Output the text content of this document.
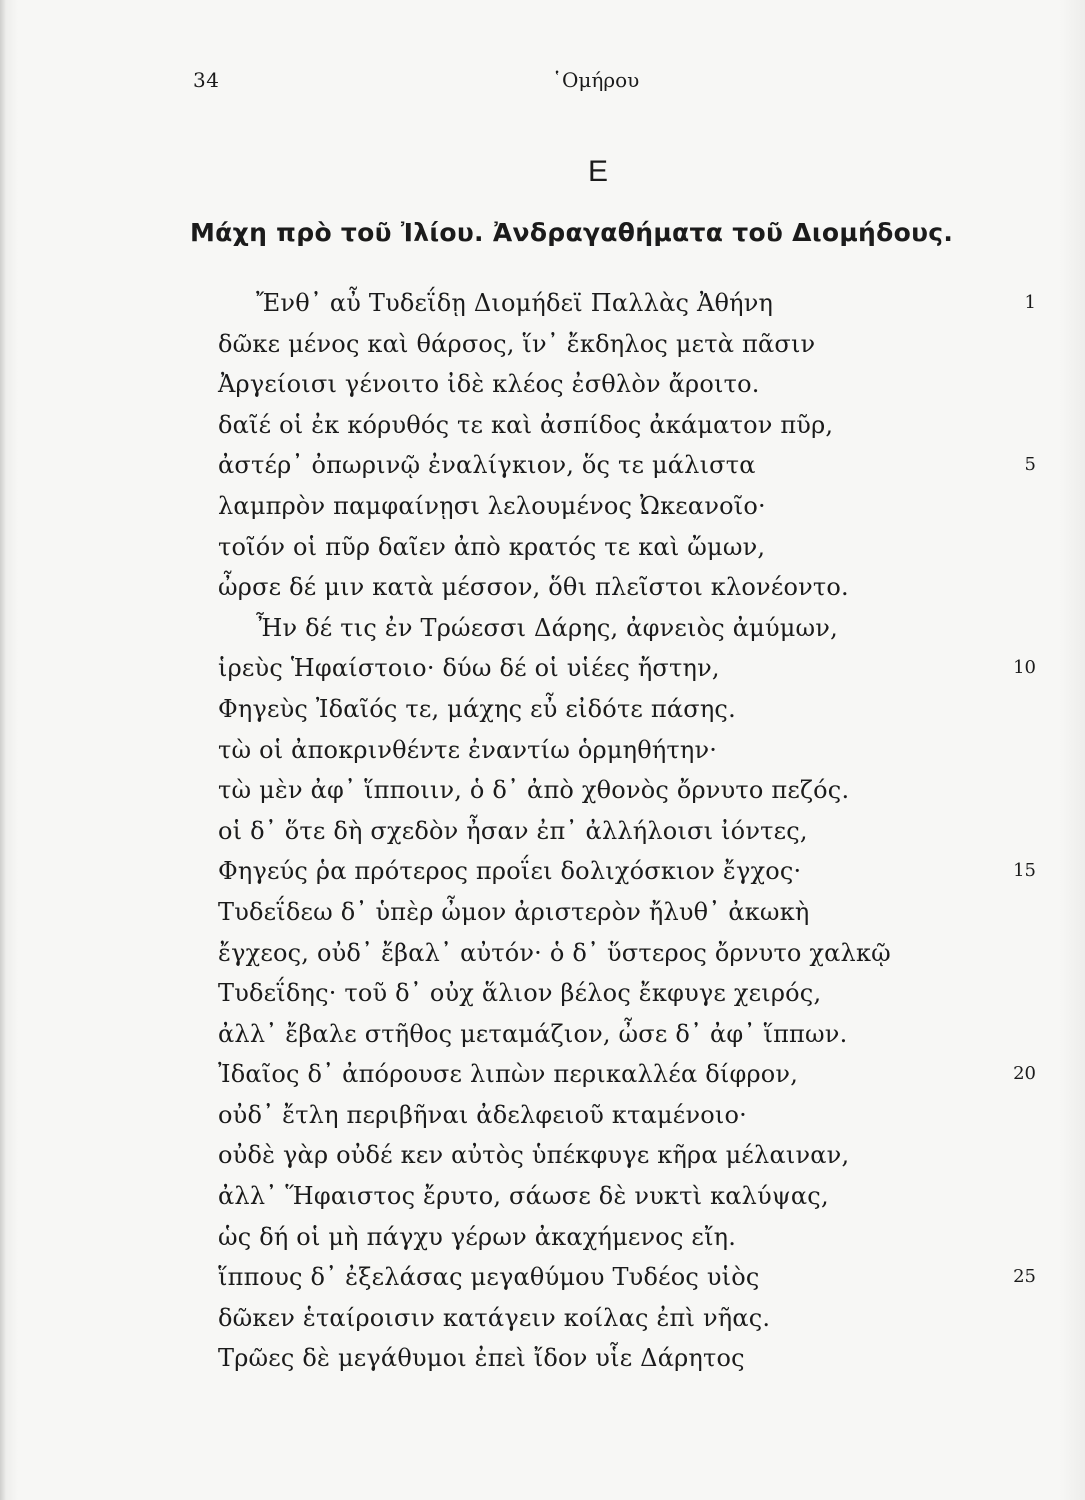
34	῾Ομήρου
Ε
Μάχη πρὸ τοῦ Ἰλίου. Ἀνδραγαθήματα τοῦ Διομήδους.
Ἔνθ᾽ αὖ Τυδεΐδῃ Διομήδεϊ Παλλὰς Ἀθήνη	1
δῶκε μένος καὶ θάρσος, ἵν᾽ ἔκδηλος μετὰ πᾶσιν
Ἀργείοισι γένοιτο ἰδὲ κλέος ἐσθλὸν ἄροιτο.
δαῖέ οἱ ἐκ κόρυθός τε καὶ ἀσπίδος ἀκάματον πῦρ,
ἀστέρ᾽ ὀπωρινῷ ἐναλίγκιον, ὅς τε μάλιστα	5
λαμπρὸν παμφαίνῃσι λελουμένος Ὠκεανοῖο·
τοῖόν οἱ πῦρ δαῖεν ἀπὸ κρατός τε καὶ ὤμων,
ὦρσε δέ μιν κατὰ μέσσον, ὅθι πλεῖστοι κλονέοντο.
Ἦν δέ τις ἐν Τρώεσσι Δάρης, ἀφνειὸς ἀμύμων,
ἱρεὺς Ἡφαίστοιο· δύω δέ οἱ υἱέες ἤστην,	10
Φηγεὺς Ἰδαῖός τε, μάχης εὖ εἰδότε πάσης.
τὼ οἱ ἀποκρινθέντε ἐναντίω ὁρμηθήτην·
τὼ μὲν ἀφ᾽ ἵπποιιν, ὁ δ᾽ ἀπὸ χθονὸς ὄρνυτο πεζός.
οἱ δ᾽ ὅτε δὴ σχεδὸν ἦσαν ἐπ᾽ ἀλλήλοισι ἰόντες,
Φηγεύς ῥα πρότερος προΐει δολιχόσκιον ἔγχος·	15
Τυδεΐδεω δ᾽ ὑπὲρ ὦμον ἀριστερὸν ἤλυθ᾽ ἀκωκὴ
ἔγχεος, οὐδ᾽ ἔβαλ᾽ αὐτόν· ὁ δ᾽ ὕστερος ὄρνυτο χαλκῷ
Τυδεΐδης· τοῦ δ᾽ οὐχ ἅλιον βέλος ἔκφυγε χειρός,
ἀλλ᾽ ἔβαλε στῆθος μεταμάζιον, ὦσε δ᾽ ἀφ᾽ ἵππων.
Ἰδαῖος δ᾽ ἀπόρουσε λιπὼν περικαλλέα δίφρον,	20
οὐδ᾽ ἔτλη περιβῆναι ἀδελφειοῦ κταμένοιο·
οὐδὲ γὰρ οὐδέ κεν αὐτὸς ὑπέκφυγε κῆρα μέλαιναν,
ἀλλ᾽ Ἥφαιστος ἔρυτο, σάωσε δὲ νυκτὶ καλύψας,
ὡς δή οἱ μὴ πάγχυ γέρων ἀκαχήμενος εἴη.
ἵππους δ᾽ ἐξελάσας μεγαθύμου Τυδέος υἱὸς	25
δῶκεν ἑταίροισιν κατάγειν κοίλας ἐπὶ νῆας.
Τρῶες δὲ μεγάθυμοι ἐπεὶ ἴδον υἷε Δάρητος
